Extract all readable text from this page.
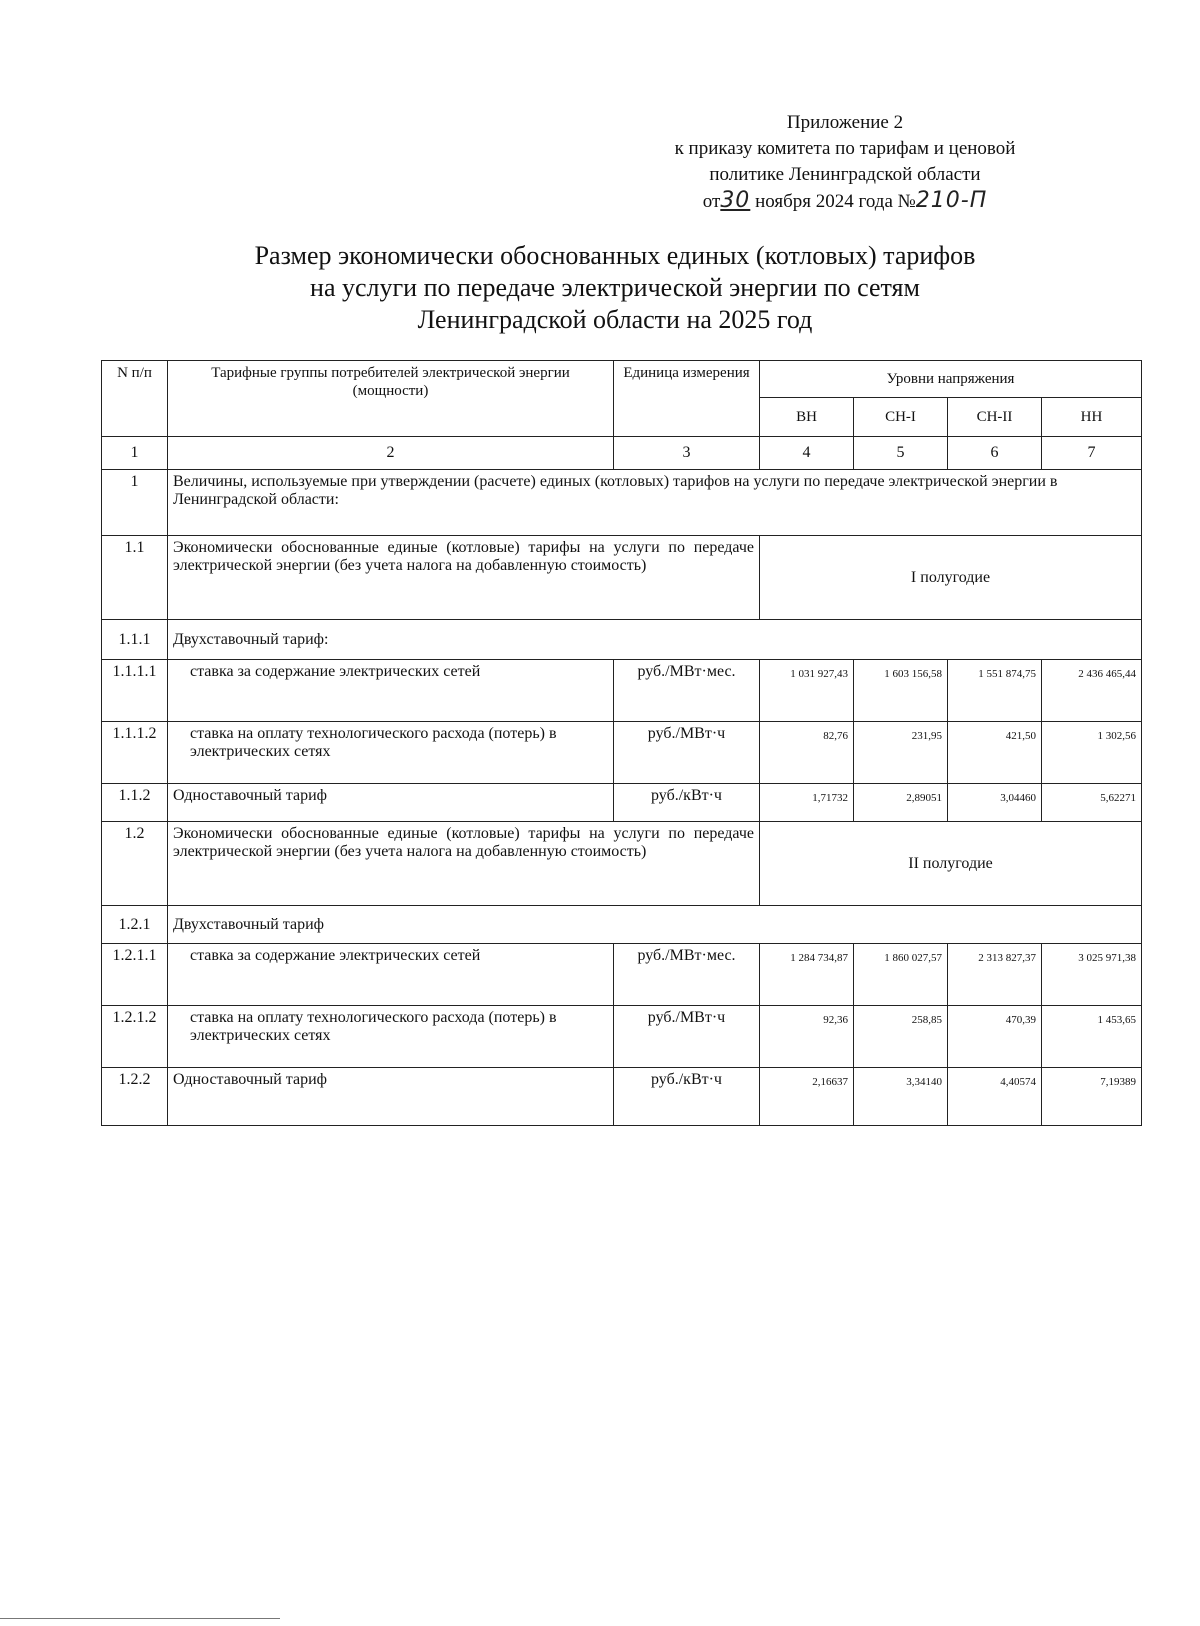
Приложение 2
к приказу комитета по тарифам и ценовой
политике Ленинградской области
от30 ноября 2024 года №210-П
Размер экономически обоснованных единых (котловых) тарифов
на услуги по передаче электрической энергии по сетям
Ленинградской области на 2025 год
N п/п	Тарифные группы потребителей электрической энергии (мощности)	Единица измерения	Уровни напряжения			
			ВН	СН-I	СН-II	НН
1	2	3	4	5	6	7
1	Величины, используемые при утверждении (расчете) единых (котловых) тарифов на услуги по передаче электрической энергии в Ленинградской области:					
1.1	Экономически обоснованные единые (котловые) тарифы на услуги по передаче электрической энергии (без учета налога на добавленную стоимость)		I полугодие			
1.1.1	Двухставочный тариф:					
1.1.1.1	ставка за содержание электрических сетей	руб./МВт·мес.	1 031 927,43	1 603 156,58	1 551 874,75	2 436 465,44
1.1.1.2	ставка на оплату технологического расхода (потерь) в электрических сетях	руб./МВт·ч	82,76	231,95	421,50	1 302,56
1.1.2	Одноставочный тариф	руб./кВт·ч	1,71732	2,89051	3,04460	5,62271
1.2	Экономически обоснованные единые (котловые) тарифы на услуги по передаче электрической энергии (без учета налога на добавленную стоимость)		II полугодие			
1.2.1	Двухставочный тариф					
1.2.1.1	ставка за содержание электрических сетей	руб./МВт·мес.	1 284 734,87	1 860 027,57	2 313 827,37	3 025 971,38
1.2.1.2	ставка на оплату технологического расхода (потерь) в электрических сетях	руб./МВт·ч	92,36	258,85	470,39	1 453,65
1.2.2	Одноставочный тариф	руб./кВт·ч	2,16637	3,34140	4,40574	7,19389
